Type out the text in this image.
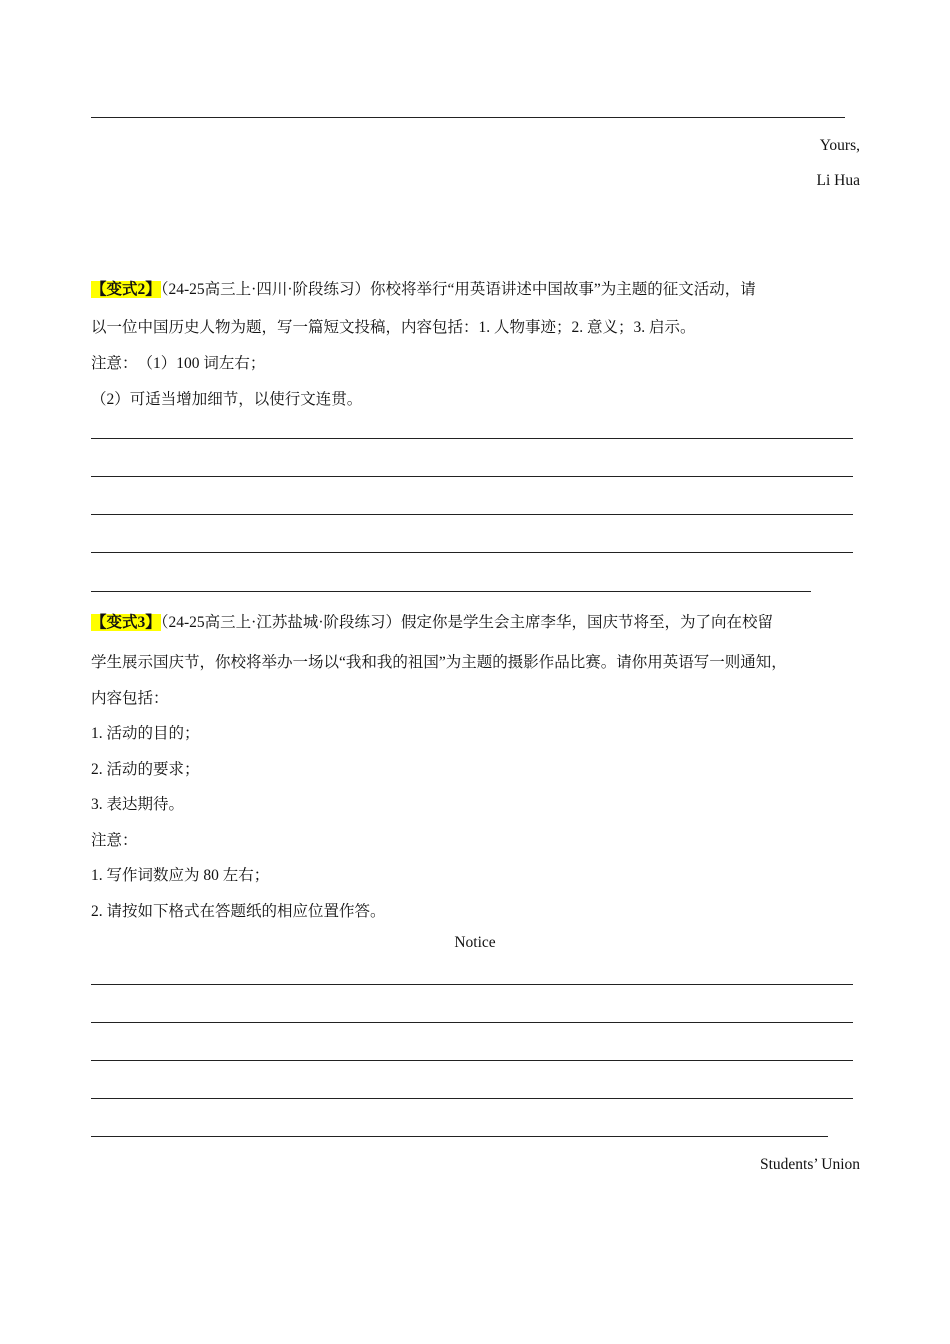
Yours,
Li Hua
【变式2】（24-25高三上·四川·阶段练习）你校将举行“用英语讲述中国故事”为主题的征文活动，请
以一位中国历史人物为题，写一篇短文投稿，内容包括：1. 人物事迹；2. 意义；3. 启示。
注意：　（1）100 词左右；
（2）可适当增加细节，以使行文连贯。
【变式3】（24-25高三上·江苏盐城·阶段练习）假定你是学生会主席李华，国庆节将至，为了向在校留
学生展示国庆节，你校将举办一场以“我和我的祖国”为主题的摄影作品比赛。请你用英语写一则通知，
内容包括：
1. 活动的目的；
2. 活动的要求；
3. 表达期待。
注意：
1. 写作词数应为 80 左右；
2. 请按如下格式在答题纸的相应位置作答。
Notice
Students’ Union
